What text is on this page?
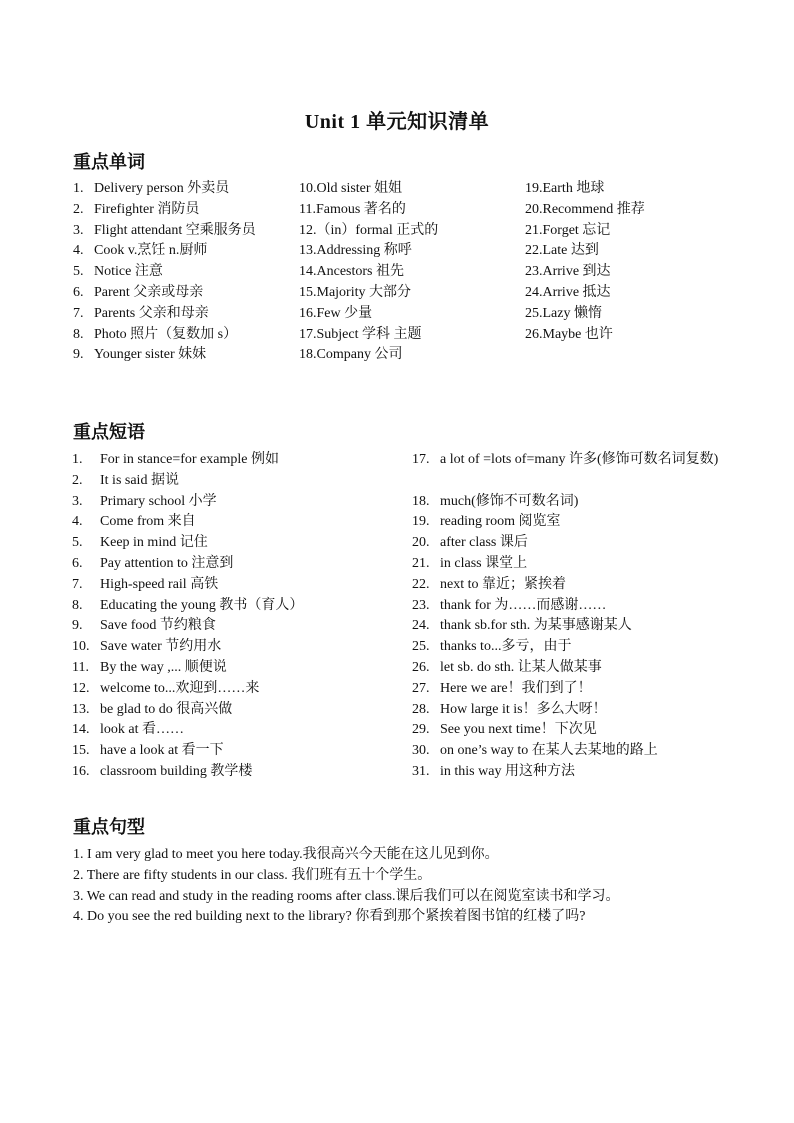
Unit 1 单元知识清单
重点单词
1. Delivery person 外卖员
2. Firefighter 消防员
3. Flight attendant 空乘服务员
4. Cook v.烹饪 n.厨师
5. Notice 注意
6. Parent 父亲或母亲
7. Parents 父亲和母亲
8. Photo 照片（复数加 s）
9. Younger sister 妹妹
10.Old sister 姐姐
11.Famous 著名的
12.（in）formal 正式的
13.Addressing 称呼
14.Ancestors 祖先
15.Majority 大部分
16.Few 少量
17.Subject 学科 主题
18.Company 公司
19.Earth 地球
20.Recommend 推荐
21.Forget 忘记
22.Late 达到
23.Arrive 到达
24.Arrive 抵达
25.Lazy 懒惰
26.Maybe 也许
重点短语
1. For in stance=for example 例如
2. It is said 据说
3. Primary school 小学
4. Come from 来自
5. Keep in mind 记住
6. Pay attention to 注意到
7. High-speed rail 高铁
8. Educating the young 教书（育人）
9. Save food 节约粮食
10. Save water 节约用水
11. By the way ,... 顺便说
12. welcome to...欢迎到……来
13. be glad to do 很高兴做
14. look at 看……
15. have a look at 看一下
16. classroom building 教学楼
17. a lot of =lots of=many 许多(修饰可数名词复数)
18. much(修饰不可数名词)
19. reading room 阅览室
20. after class 课后
21. in class 课堂上
22. next to 靠近；紧挨着
23. thank for 为……而感谢……
24. thank sb.for sth. 为某事感谢某人
25. thanks to...多亏，由于
26. let sb. do sth. 让某人做某事
27. Here we are！我们到了！
28. How large it is！多么大呀！
29. See you next time！下次见
30. on one’s way to 在某人去某地的路上
31. in this way 用这种方法
重点句型
1. I am very glad to meet you here today.我很高兴今天能在这儿见到你。
2. There are fifty students in our class. 我们班有五十个学生。
3. We can read and study in the reading rooms after class.课后我们可以在阅览室读书和学习。
4. Do you see the red building next to the library? 你看到那个紧挨着图书馆的红楼了吗?
